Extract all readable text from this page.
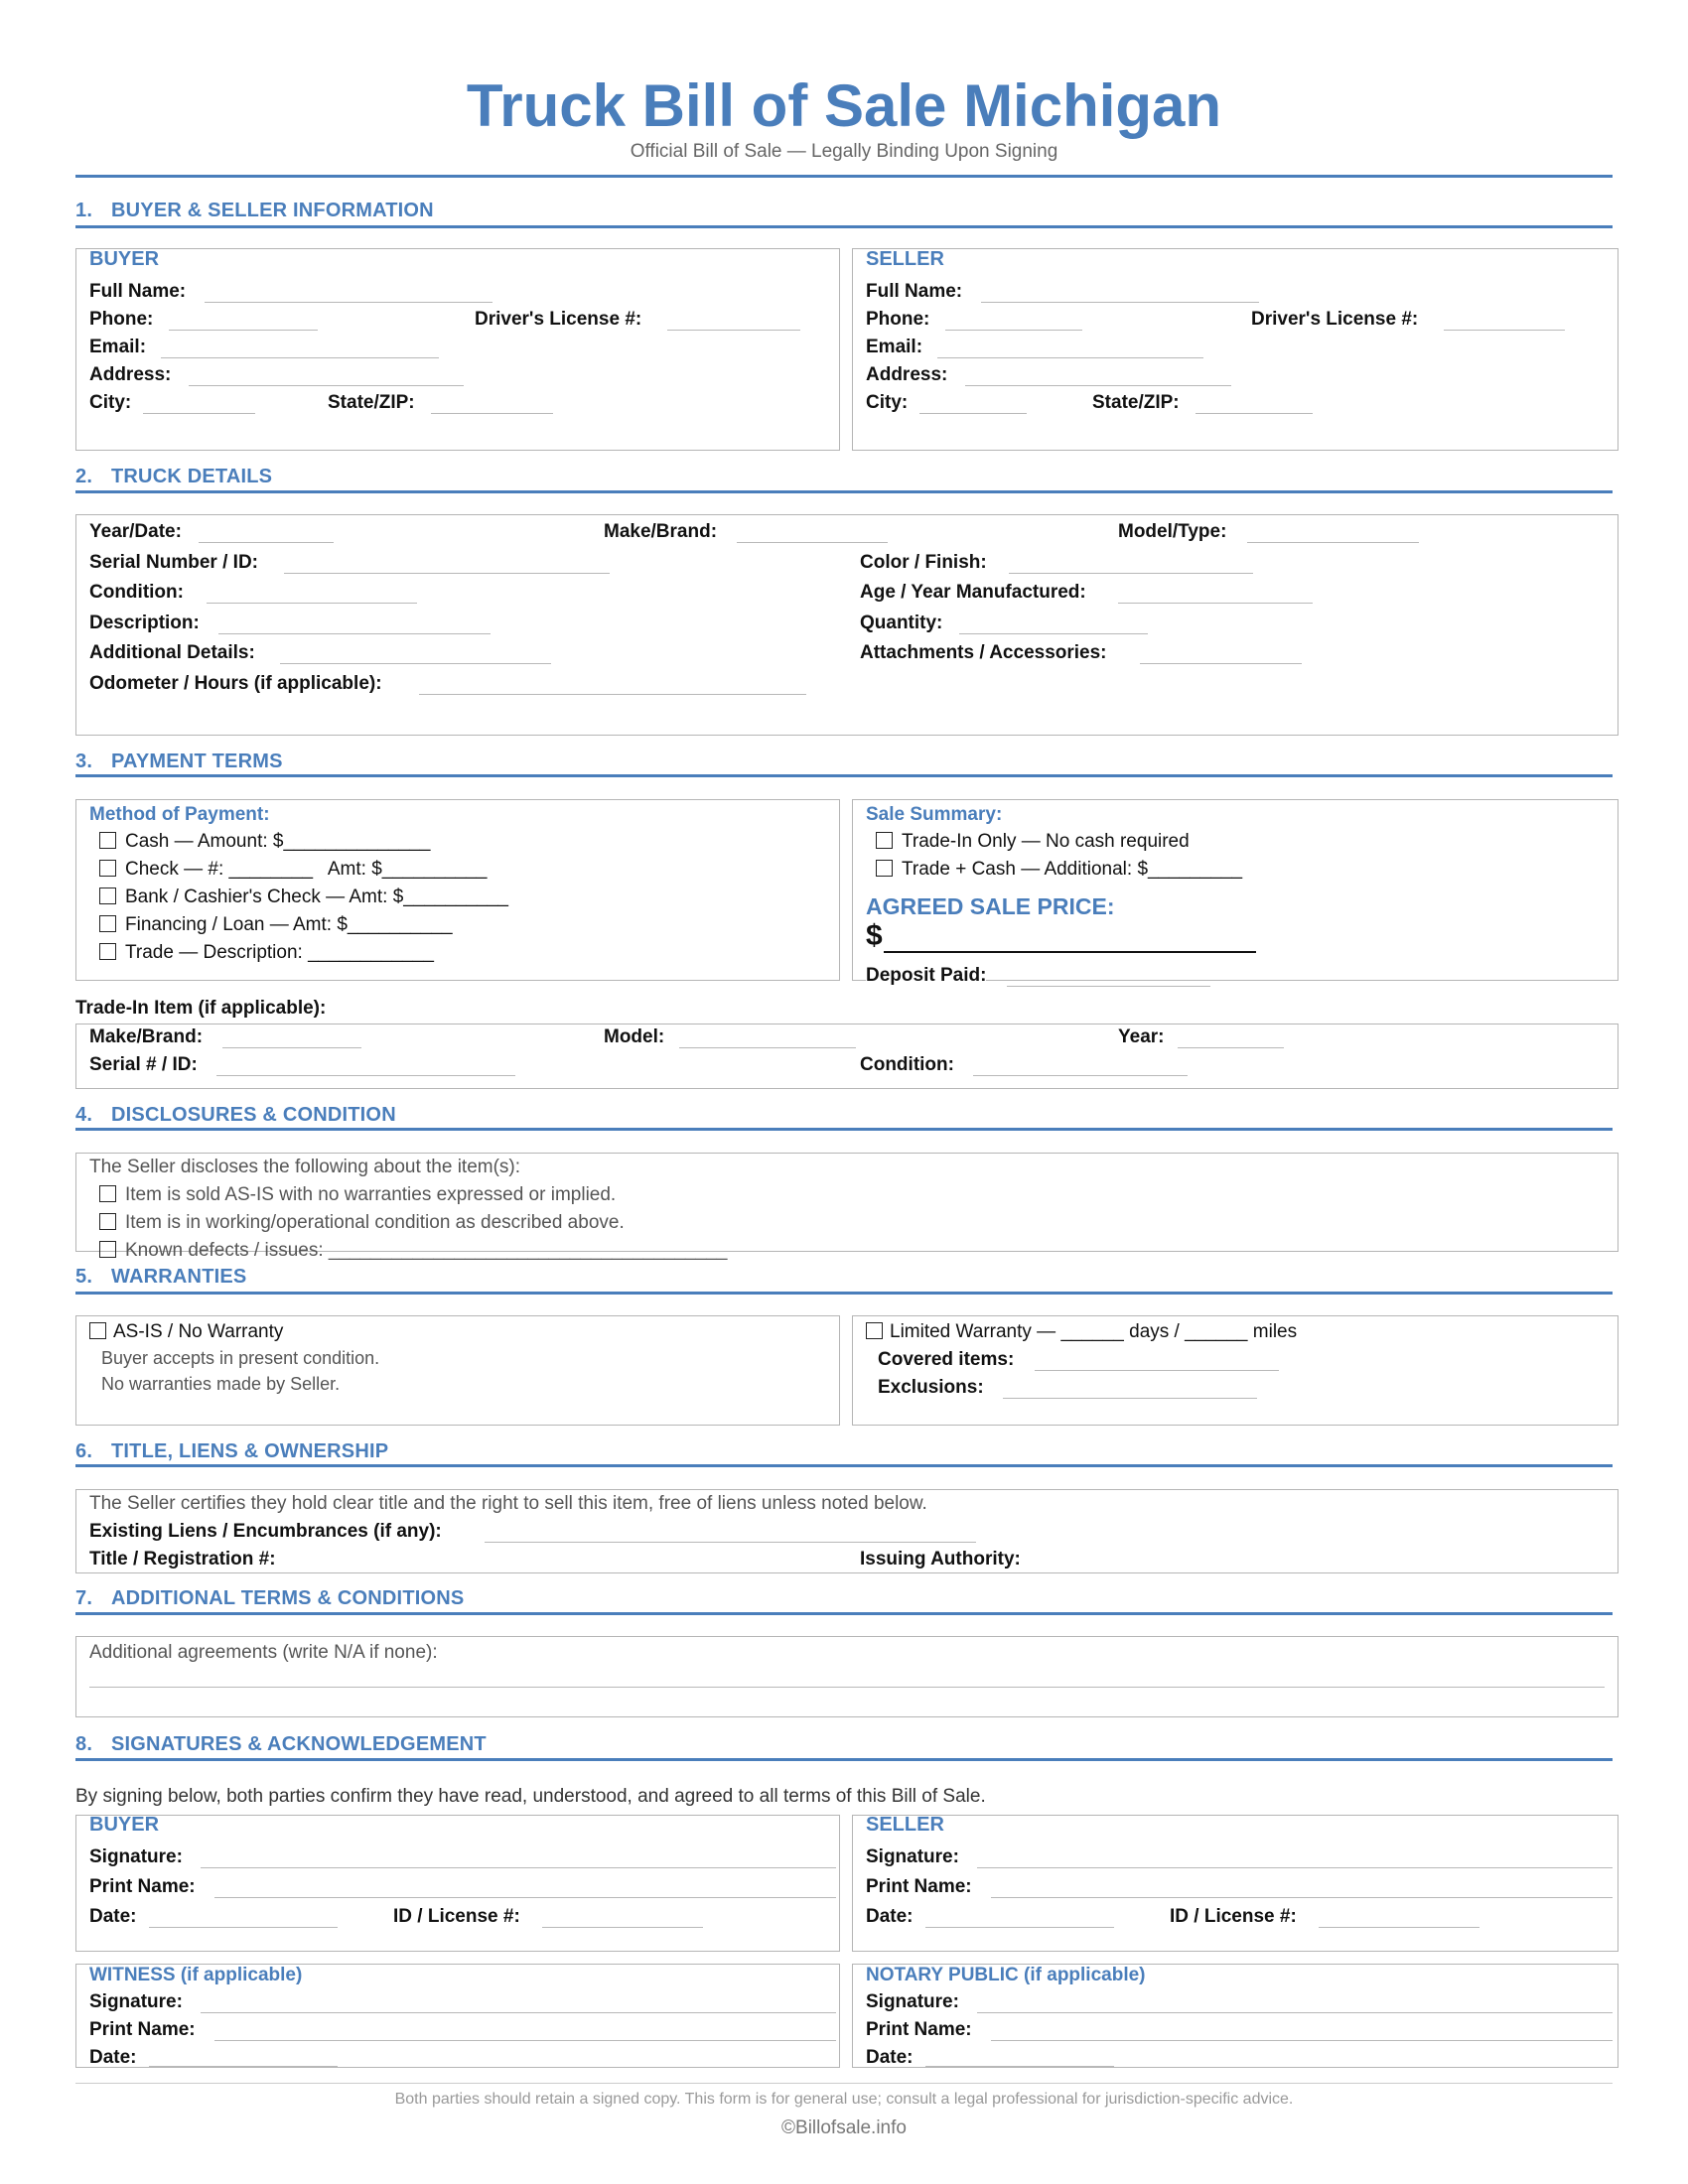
Truck Bill of Sale Michigan
Official Bill of Sale — Legally Binding Upon Signing
1. BUYER & SELLER INFORMATION
BUYER
Full Name:
Phone:	Driver's License #:
Email:
Address:
City:	State/ZIP:
SELLER
Full Name:
Phone:	Driver's License #:
Email:
Address:
City:	State/ZIP:
2. TRUCK DETAILS
Year/Date:	Make/Brand:	Model/Type:
Serial Number / ID:	Color / Finish:
Condition:	Age / Year Manufactured:
Description:	Quantity:
Additional Details:	Attachments / Accessories:
Odometer / Hours (if applicable):
3. PAYMENT TERMS
Method of Payment:
Cash — Amount: $______________
Check — #: ________   Amt: $__________
Bank / Cashier's Check — Amt: $__________
Financing / Loan — Amt: $__________
Trade — Description: ____________
Sale Summary:
Trade-In Only — No cash required
Trade + Cash — Additional: $_________
AGREED SALE PRICE:
$
Deposit Paid:
Trade-In Item (if applicable):
Make/Brand:	Model:	Year:
Serial # / ID:	Condition:
4. DISCLOSURES & CONDITION
The Seller discloses the following about the item(s):
Item is sold AS-IS with no warranties expressed or implied.
Item is in working/operational condition as described above.
Known defects / issues: ______________________________________
5. WARRANTIES
AS-IS / No Warranty
Buyer accepts in present condition.
No warranties made by Seller.
Limited Warranty — ______ days / ______ miles
Covered items:
Exclusions:
6. TITLE, LIENS & OWNERSHIP
The Seller certifies they hold clear title and the right to sell this item, free of liens unless noted below.
Existing Liens / Encumbrances (if any):
Title / Registration #:	Issuing Authority:
7. ADDITIONAL TERMS & CONDITIONS
Additional agreements (write N/A if none):
8. SIGNATURES & ACKNOWLEDGEMENT
By signing below, both parties confirm they have read, understood, and agreed to all terms of this Bill of Sale.
BUYER
Signature:
Print Name:
Date:	ID / License #:
SELLER
Signature:
Print Name:
Date:	ID / License #:
WITNESS (if applicable)
Signature:
Print Name:
Date:
NOTARY PUBLIC (if applicable)
Signature:
Print Name:
Date:
Both parties should retain a signed copy. This form is for general use; consult a legal professional for jurisdiction-specific advice.
©Billofsale.info
